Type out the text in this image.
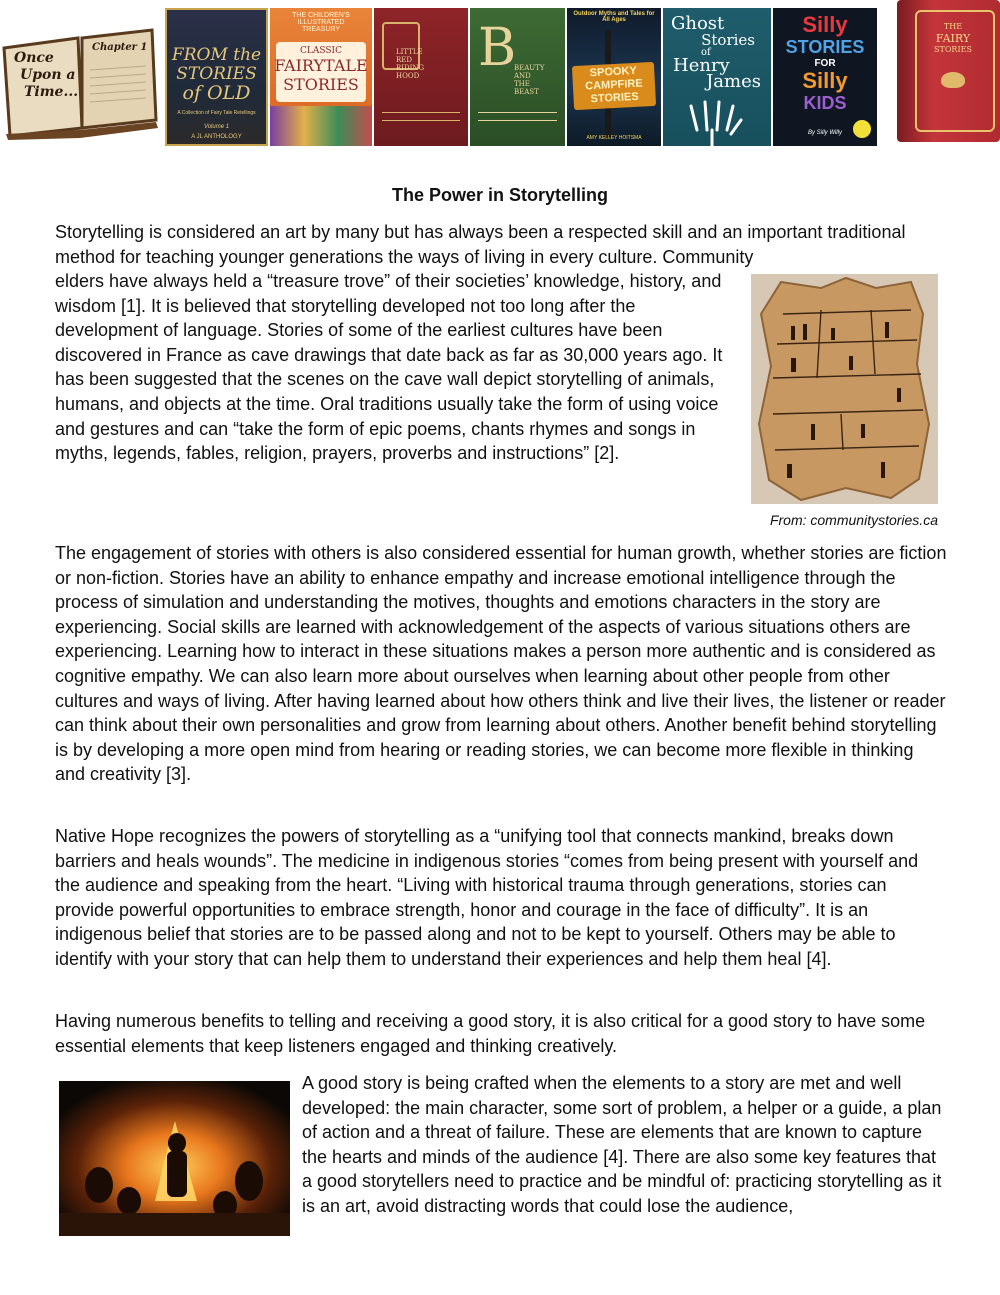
Once
Upon a
Time...
Chapter 1 FROM the
STORIES
of OLD
A Collection of Fairy Tale Retellings
Volume 1
A JL ANTHOLOGY
THE CHILDREN'S ILLUSTRATED TREASURY
CLASSIC
FAIRYTALE
STORIES
LITTLE
RED
RIDING
HOOD	B
BEAUTY
AND
THE
BEAST
Outdoor Myths and Tales for All Ages
SPOOKY
CAMPFIRE
STORIES
AMY KELLEY HOITSMA
Ghost
Stories
of
Henry
James
Silly
STORIES
FOR
Silly
KIDS
By Silly Willy
THE
FAIRY
STORIES
The Power in Storytelling

Storytelling is considered an art by many but has always been a respected skill and an important traditional method for teaching younger generations the ways of living in every culture. Community

elders have always held a “treasure trove” of their societies’ knowledge, history, and wisdom [1]. It is believed that storytelling developed not too long after the development of language. Stories of some of the earliest cultures have been discovered in France as cave drawings that date back as far as 30,000 years ago. It has been suggested that the scenes on the cave wall depict storytelling of animals, humans, and objects at the time. Oral traditions usually take the form of using voice and gestures and can “take the form of epic poems, chants rhymes and songs in myths, legends, fables, religion, prayers, proverbs and instructions” [2].

From: communitystories.ca

The engagement of stories with others is also considered essential for human growth, whether stories are fiction or non-fiction. Stories have an ability to enhance empathy and increase emotional intelligence through the process of simulation and understanding the motives, thoughts and emotions characters in the story are experiencing. Social skills are learned with acknowledgement of the aspects of various situations others are experiencing. Learning how to interact in these situations makes a person more authentic and is considered as cognitive empathy. We can also learn more about ourselves when learning about other people from other cultures and ways of living. After having learned about how others think and live their lives, the listener or reader can think about their own personalities and grow from learning about others. Another benefit behind storytelling is by developing a more open mind from hearing or reading stories, we can become more flexible in thinking and creativity [3].

Native Hope recognizes the powers of storytelling as a “unifying tool that connects mankind, breaks down barriers and heals wounds”. The medicine in indigenous stories “comes from being present with yourself and the audience and speaking from the heart. “Living with historical trauma through generations, stories can provide powerful opportunities to embrace strength, honor and courage in the face of difficulty”. It is an indigenous belief that stories are to be passed along and not to be kept to yourself. Others may be able to identify with your story that can help them to understand their experiences and help them heal [4].

Having numerous benefits to telling and receiving a good story, it is also critical for a good story to have some essential elements that keep listeners engaged and thinking creatively.

A good story is being crafted when the elements to a story are met and well developed: the main character, some sort of problem, a helper or a guide, a plan of action and a threat of failure. These are elements that are known to capture the hearts and minds of the audience [4]. There are also some key features that a good storytellers need to practice and be mindful of: practicing storytelling as it is an art, avoid distracting words that could lose the audience,
